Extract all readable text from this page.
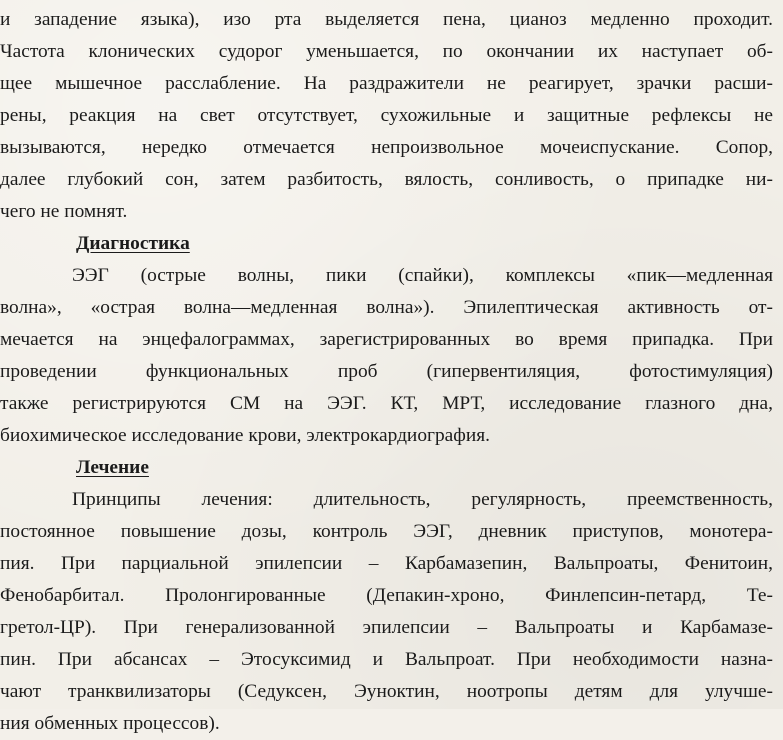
и западение языка), изо рта выделяется пена, цианоз медленно проходит.
Частота клонических судорог уменьшается, по окончании их наступает об-
щее мышечное расслабление. На раздражители не реагирует, зрачки расши-
рены, реакция на свет отсутствует, сухожильные и защитные рефлексы не
вызываются, нередко отмечается непроизвольное мочеиспускание. Сопор,
далее глубокий сон, затем разбитость, вялость, сонливость, о припадке ни-
чего не помнят.
Диагностика
ЭЭГ (острые волны, пики (спайки), комплексы «пик—медленная
волна», «острая волна—медленная волна»). Эпилептическая активность от-
мечается на энцефалограммах, зарегистрированных во время припадка. При
проведении функциональных проб (гипервентиляция, фотостимуляция)
также регистрируются СМ на ЭЭГ. КТ, МРТ, исследование глазного дна,
биохимическое исследование крови, электрокардиография.
Лечение
Принципы лечения: длительность, регулярность, преемственность,
постоянное повышение дозы, контроль ЭЭГ, дневник приступов, монотера-
пия. При парциальной эпилепсии – Карбамазепин, Вальпроаты, Фенитоин,
Фенобарбитал. Пролонгированные (Депакин-хроно, Финлепсин-петард, Те-
гретол-ЦР). При генерализованной эпилепсии – Вальпроаты и Карбамазе-
пин. При абсансах – Этосуксимид и Вальпроат. При необходимости назна-
чают транквилизаторы (Седуксен, Эуноктин, ноотропы детям для улучше-
ния обменных процессов).
